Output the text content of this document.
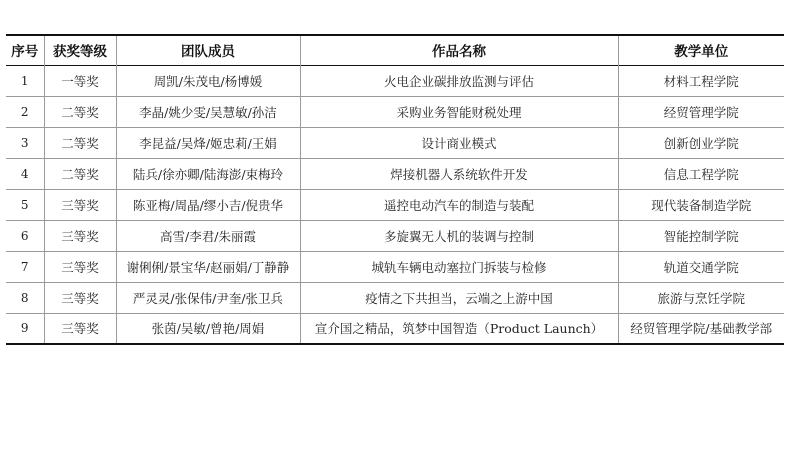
序号	获奖等级	团队成员	作品名称	教学单位
1	一等奖	周凯/朱茂电/杨博媛	火电企业碳排放监测与评估	材料工程学院
2	二等奖	李晶/姚少雯/吴慧敏/孙洁	采购业务智能财税处理	经贸管理学院
3	二等奖	李昆益/吴烽/姬忠莉/王娟	设计商业模式	创新创业学院
4	二等奖	陆兵/徐亦卿/陆海澎/束梅玲	焊接机器人系统软件开发	信息工程学院
5	三等奖	陈亚梅/周晶/缪小吉/倪贵华	遥控电动汽车的制造与装配	现代装备制造学院
6	三等奖	高雪/李君/朱丽霞	多旋翼无人机的装调与控制	智能控制学院
7	三等奖	谢俐俐/景宝华/赵丽娟/丁静静	城轨车辆电动塞拉门拆装与检修	轨道交通学院
8	三等奖	严灵灵/张保伟/尹奎/张卫兵	疫情之下共担当，云端之上游中国	旅游与烹饪学院
9	三等奖	张茵/吴敏/曾艳/周娟	宣介国之精品，筑梦中国智造（Product Launch）	经贸管理学院/基础教学部
